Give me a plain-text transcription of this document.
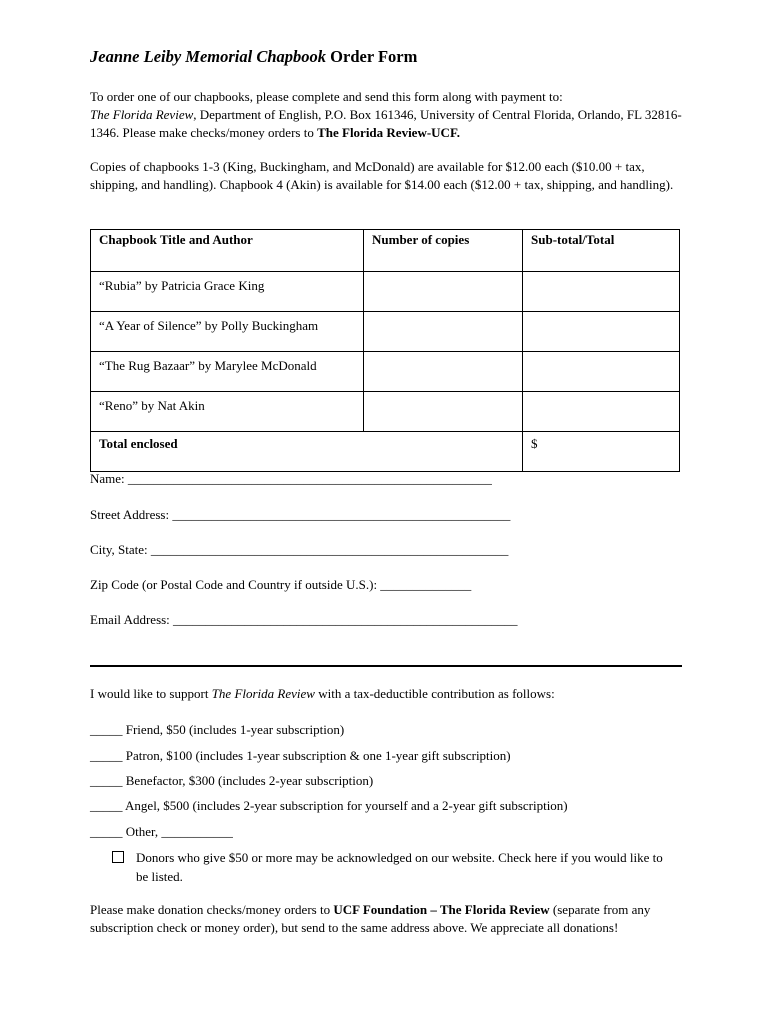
Jeanne Leiby Memorial Chapbook Order Form
To order one of our chapbooks, please complete and send this form along with payment to:
The Florida Review, Department of English, P.O. Box 161346, University of Central Florida, Orlando, FL 32816-1346. Please make checks/money orders to The Florida Review-UCF.
Copies of chapbooks 1-3 (King, Buckingham, and McDonald) are available for $12.00 each ($10.00 + tax, shipping, and handling). Chapbook 4 (Akin) is available for $14.00 each ($12.00 + tax, shipping, and handling).
Chapbook Title and Author	Number of copies	Sub-total/Total
“Rubia” by Patricia Grace King		
“A Year of Silence” by Polly Buckingham		
“The Rug Bazaar” by Marylee McDonald		
“Reno” by Nat Akin		
Total enclosed		$
Name: ________________________________________________________
Street Address: ____________________________________________________
City, State: _______________________________________________________
Zip Code (or Postal Code and Country if outside U.S.): ______________
Email Address: _____________________________________________________
I would like to support The Florida Review with a tax-deductible contribution as follows:
_____ Friend, $50 (includes 1-year subscription)
_____ Patron, $100 (includes 1-year subscription & one 1-year gift subscription)
_____ Benefactor, $300 (includes 2-year subscription)
_____ Angel, $500 (includes 2-year subscription for yourself and a 2-year gift subscription)
_____ Other, ___________
Donors who give $50 or more may be acknowledged on our website. Check here if you would like to be listed.
Please make donation checks/money orders to UCF Foundation – The Florida Review (separate from any subscription check or money order), but send to the same address above. We appreciate all donations!
